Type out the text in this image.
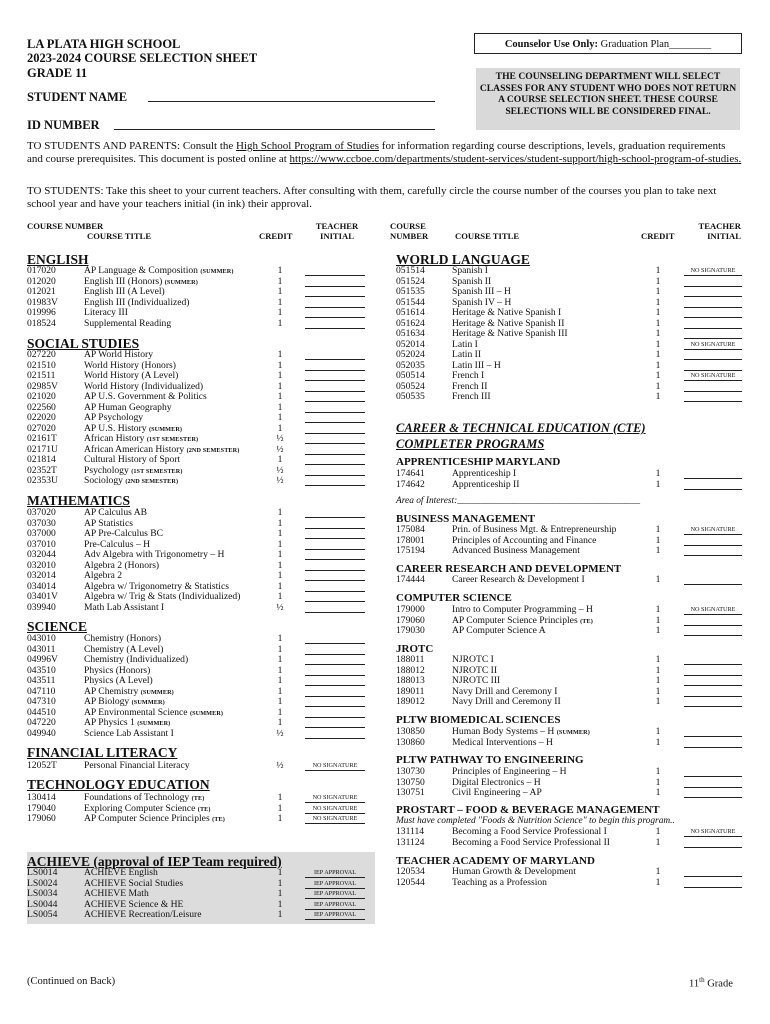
LA PLATA HIGH SCHOOL
2023-2024 COURSE SELECTION SHEET
GRADE 11
STUDENT NAME
ID NUMBER
Counselor Use Only: Graduation Plan________
THE COUNSELING DEPARTMENT WILL SELECT CLASSES FOR ANY STUDENT WHO DOES NOT RETURN A COURSE SELECTION SHEET. THESE COURSE SELECTIONS WILL BE CONSIDERED FINAL.
TO STUDENTS AND PARENTS: Consult the High School Program of Studies for information regarding course descriptions, levels, graduation requirements and course prerequisites. This document is posted online at https://www.ccboe.com/departments/student-services/student-support/high-school-program-of-studies.
TO STUDENTS: Take this sheet to your current teachers. After consulting with them, carefully circle the course number of the courses you plan to take next school year and have your teachers initial (in ink) their approval.
COURSE NUMBER
COURSE TITLE	CREDIT
TEACHER INITIAL
COURSE NUMBER	COURSE TITLE	CREDIT
TEACHER INITIAL
ENGLISH
017020	AP Language & Composition (SUMMER)	1
012020	English III (Honors) (SUMMER)	1
012021	English III (A Level)	1
01983V	English III (Individualized)	1
019996	Literacy III	1
018524	Supplemental Reading	1
SOCIAL STUDIES
027220	AP World History	1
021510	World History (Honors)	1
021511	World History (A Level)	1
02985V	World History (Individualized)	1
021020	AP U.S. Government & Politics	1
022560	AP Human Geography	1
022020	AP Psychology	1
027020	AP U.S. History (SUMMER)	1
02161T	African History (1ST SEMESTER)	½
02171U	African American History (2ND SEMESTER)	½
021814	Cultural History of Sport	1
02352T	Psychology (1ST SEMESTER)	½
02353U	Sociology (2ND SEMESTER)	½
MATHEMATICS
037020	AP Calculus AB	1
037030	AP Statistics	1
037000	AP Pre-Calculus BC	1
037010	Pre-Calculus – H	1
032044	Adv Algebra with Trigonometry – H	1
032010	Algebra 2 (Honors)	1
032014	Algebra 2	1
034014	Algebra w/ Trigonometry & Statistics	1
03401V	Algebra w/ Trig & Stats (Individualized)	1
039940	Math Lab Assistant I	½
SCIENCE
043010	Chemistry (Honors)	1
043011	Chemistry (A Level)	1
04996V	Chemistry (Individualized)	1
043510	Physics (Honors)	1
043511	Physics (A Level)	1
047110	AP Chemistry (SUMMER)	1
047310	AP Biology (SUMMER)	1
044510	AP Environmental Science (SUMMER)	1
047220	AP Physics 1 (SUMMER)	1
049940	Science Lab Assistant I	½
FINANCIAL LITERACY
12052T	Personal Financial Literacy	½	NO SIGNATURE
TECHNOLOGY EDUCATION
130414	Foundations of Technology (TE)	1	NO SIGNATURE
179040	Exploring Computer Science (TE)	1	NO SIGNATURE
179060	AP Computer Science Principles (TE)	1	NO SIGNATURE
ACHIEVE (approval of IEP Team required)
LS0014	ACHIEVE English	1	IEP APPROVAL
LS0024	ACHIEVE Social Studies	1	IEP APPROVAL
LS0034	ACHIEVE Math	1	IEP APPROVAL
LS0044	ACHIEVE Science & HE	1	IEP APPROVAL
LS0054	ACHIEVE Recreation/Leisure	1	IEP APPROVAL
WORLD LANGUAGE
051514	Spanish I	1	NO SIGNATURE
051524	Spanish II	1
051535	Spanish III – H	1
051544	Spanish IV – H	1
051614	Heritage & Native Spanish I	1
051624	Heritage & Native Spanish II	1
051634	Heritage & Native Spanish III	1
052014	Latin I	1	NO SIGNATURE
052024	Latin II	1
052035	Latin III – H	1
050514	French I	1	NO SIGNATURE
050524	French II	1
050535	French III	1
CAREER & TECHNICAL EDUCATION (CTE) COMPLETER PROGRAMS
APPRENTICESHIP MARYLAND
174641	Apprenticeship I	1
174642	Apprenticeship II	1
Area of Interest:_______________________________________
BUSINESS MANAGEMENT
175084	Prin. of Business Mgt. & Entrepreneurship	1	NO SIGNATURE
178001	Principles of Accounting and Finance	1
175194	Advanced Business Management	1
CAREER RESEARCH AND DEVELOPMENT
174444	Career Research & Development I	1
COMPUTER SCIENCE
179000	Intro to Computer Programming – H	1	NO SIGNATURE
179060	AP Computer Science Principles (TE)	1
179030	AP Computer Science A	1
JROTC
188011	NJROTC I	1
188012	NJROTC II	1
188013	NJROTC III	1
189011	Navy Drill and Ceremony I	1
189012	Navy Drill and Ceremony II	1
PLTW BIOMEDICAL SCIENCES
130850	Human Body Systems – H (SUMMER)	1
130860	Medical Interventions – H	1
PLTW PATHWAY TO ENGINEERING
130730	Principles of Engineering – H	1
130750	Digital Electronics – H	1
130751	Civil Engineering – AP	1
PROSTART – FOOD & BEVERAGE MANAGEMENT
Must have completed "Foods & Nutrition Science" to begin this program..
131114	Becoming a Food Service Professional I	1	NO SIGNATURE
131124	Becoming a Food Service Professional II	1
TEACHER ACADEMY OF MARYLAND
120534	Human Growth & Development	1
120544	Teaching as a Profession	1
(Continued on Back)	11th Grade
